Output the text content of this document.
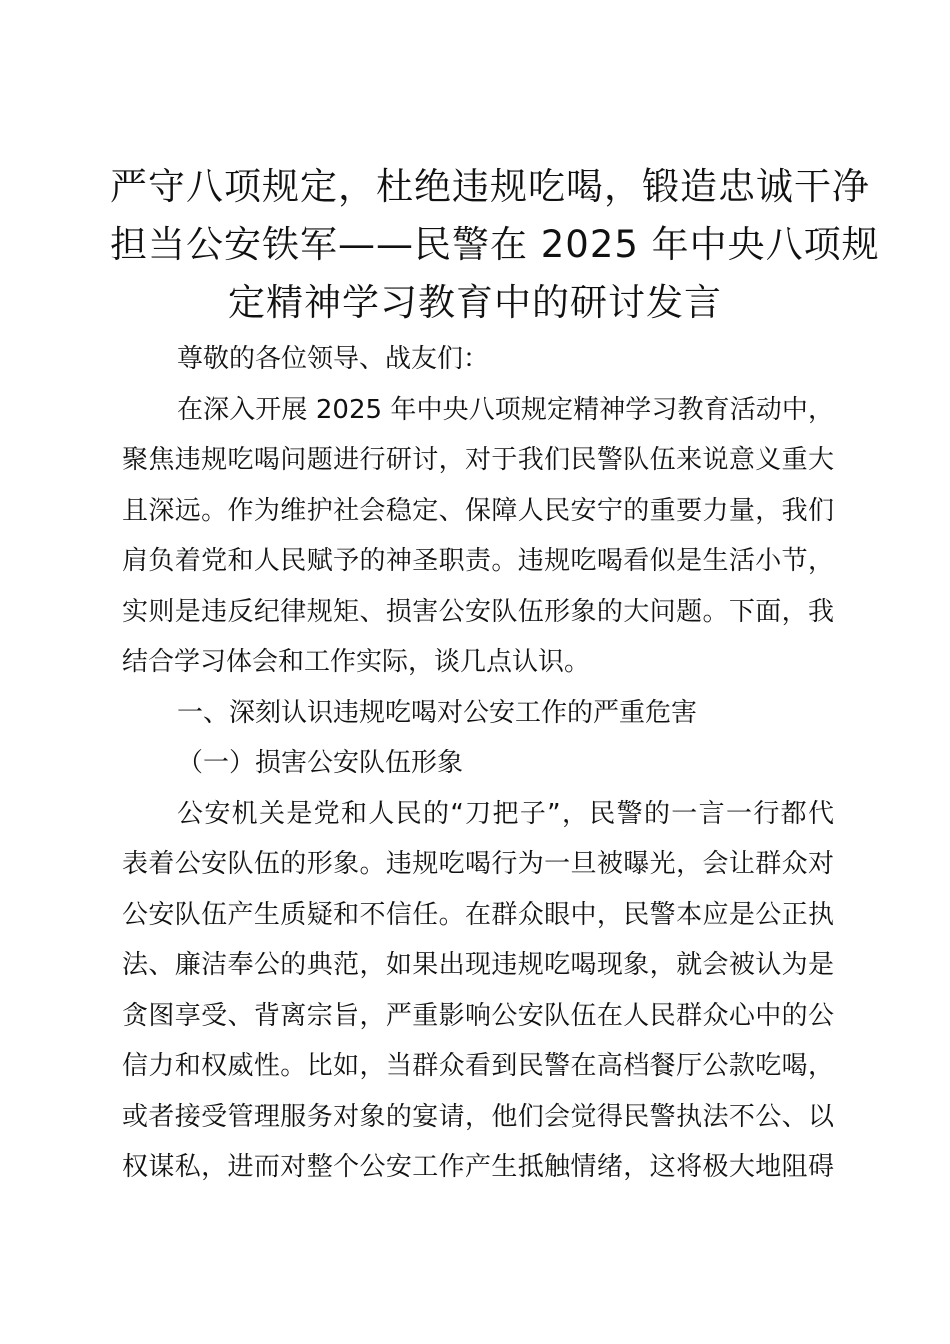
严守八项规定，杜绝违规吃喝，锻造忠诚干净
担当公安铁军——民警在 2025 年中央八项规
定精神学习教育中的研讨发言

尊敬的各位领导、战友们：

在深入开展 2025 年中央八项规定精神学习教育活动中，
聚焦违规吃喝问题进行研讨，对于我们民警队伍来说意义重大
且深远。作为维护社会稳定、保障人民安宁的重要力量，我们
肩负着党和人民赋予的神圣职责。违规吃喝看似是生活小节，
实则是违反纪律规矩、损害公安队伍形象的大问题。下面，我
结合学习体会和工作实际，谈几点认识。

一、深刻认识违规吃喝对公安工作的严重危害

（一）损害公安队伍形象

公安机关是党和人民的“刀把子”，民警的一言一行都代
表着公安队伍的形象。违规吃喝行为一旦被曝光，会让群众对
公安队伍产生质疑和不信任。在群众眼中，民警本应是公正执
法、廉洁奉公的典范，如果出现违规吃喝现象，就会被认为是
贪图享受、背离宗旨，严重影响公安队伍在人民群众心中的公
信力和权威性。比如，当群众看到民警在高档餐厅公款吃喝，
或者接受管理服务对象的宴请，他们会觉得民警执法不公、以
权谋私，进而对整个公安工作产生抵触情绪，这将极大地阻碍
